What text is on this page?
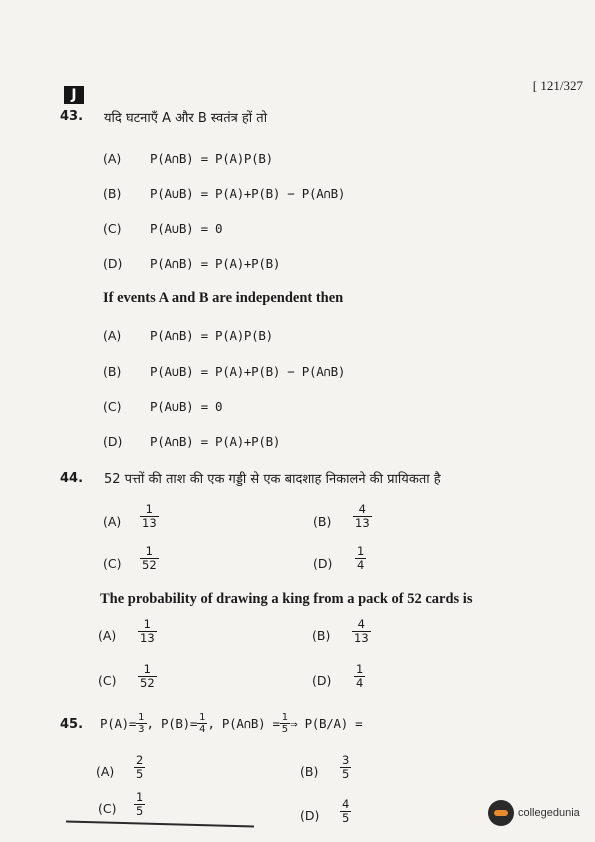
J
[ 121/327
43. यदि घटनाएँ A और B स्वतंत्र हों तो
(A) P(A∩B) = P(A)P(B)
(B) P(A∪B) = P(A)+P(B) − P(A∩B)
(C) P(A∪B) = 0
(D) P(A∩B) = P(A)+P(B)
If events A and B are independent then
(A) P(A∩B) = P(A)P(B)
(B) P(A∪B) = P(A)+P(B) − P(A∩B)
(C) P(A∪B) = 0
(D) P(A∩B) = P(A)+P(B)
44. 52 पत्तों की ताश की एक गड्डी से एक बादशाह निकालने की प्रायिकता है
$(A) \frac{1}{13}$	$(B) \frac{4}{13}$
$(C) \frac{1}{52}$	$(D) \frac{1}{4}$
The probability of drawing a king from a pack of 52 cards is
$(A) \frac{1}{13}$	$(B) \frac{4}{13}$
$(C) \frac{1}{52}$	$(D) \frac{1}{4}$
45. $P(A)= \frac{1}{3}$ , $P(B)= \frac{1}{4}$ , P(A∩B) = $\frac{1}{5}$ ⇒ P(B/A) =
$(A) \frac{2}{5}$	$(B) \frac{3}{5}$
$(C) \frac{1}{5}$	$(D) \frac{4}{5}$	collegedunia
